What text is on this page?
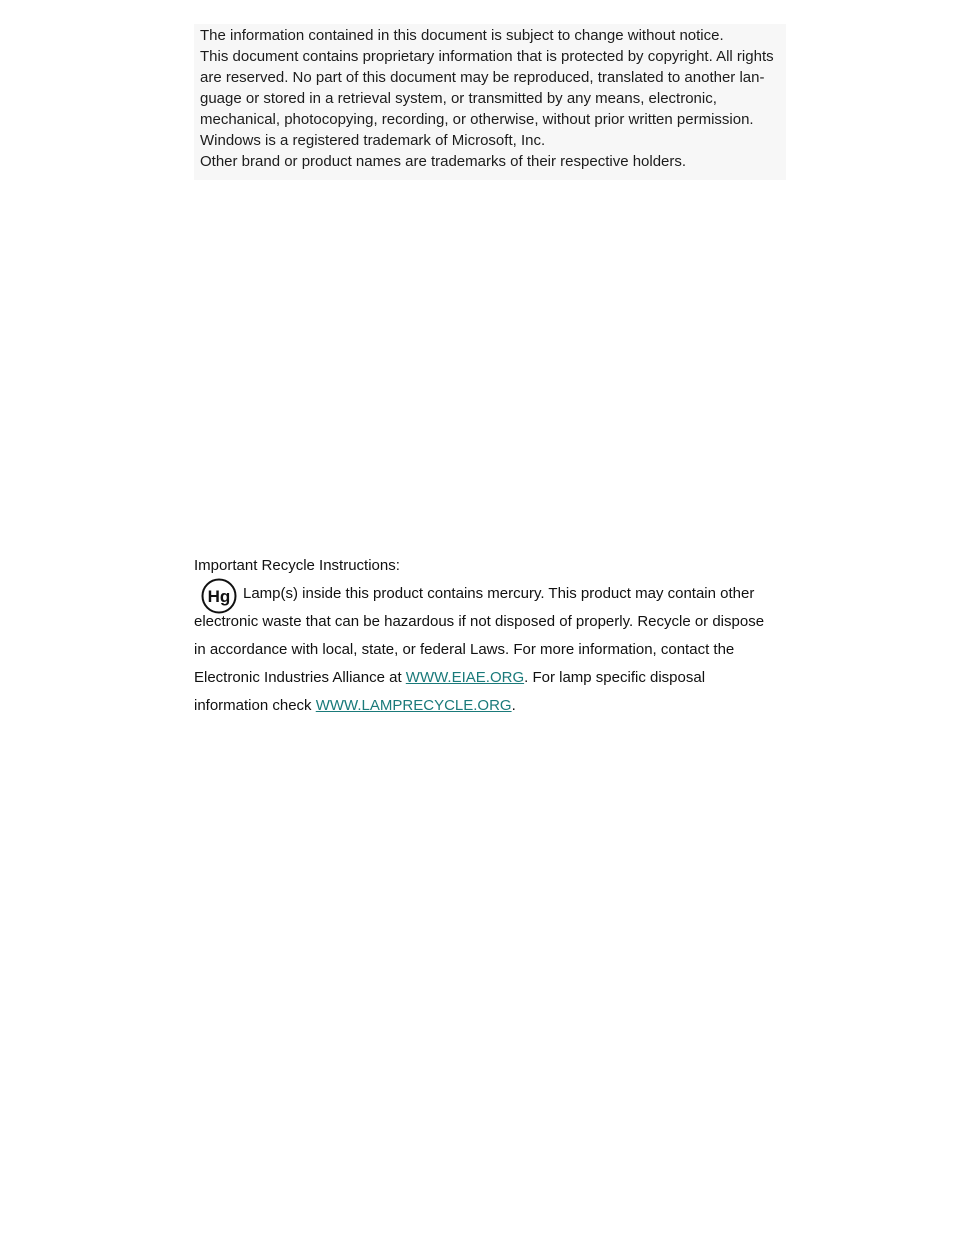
The information contained in this document is subject to change without notice.
This document contains proprietary information that is protected by copyright. All rights
are reserved. No part of this document may be reproduced, translated to another lan-
guage or stored in a retrieval system, or transmitted by any means, electronic,
mechanical, photocopying, recording, or otherwise, without prior written permission.
Windows is a registered trademark of Microsoft, Inc.
Other brand or product names are trademarks of their respective holders.
Important Recycle Instructions:
Hg Lamp(s) inside this product contains mercury. This product may contain other
electronic waste that can be hazardous if not disposed of properly. Recycle or dispose
in accordance with local, state, or federal Laws. For more information, contact the
Electronic Industries Alliance at WWW.EIAE.ORG. For lamp specific disposal
information check WWW.LAMPRECYCLE.ORG.
